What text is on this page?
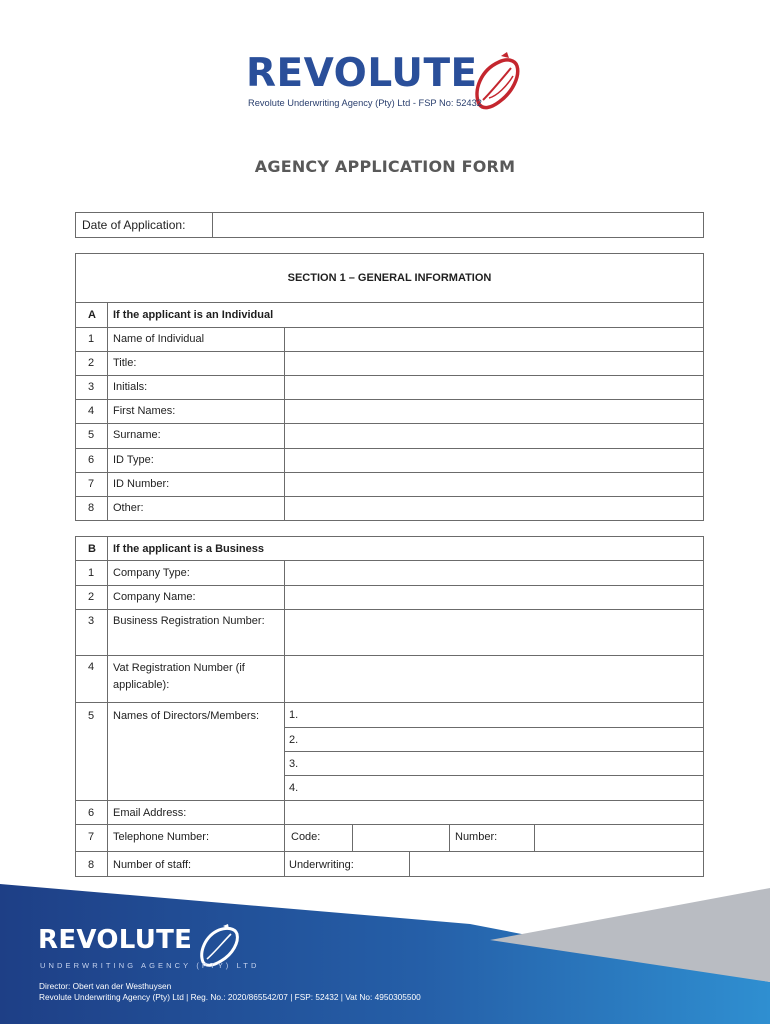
REVOLUTE
Revolute Underwriting Agency (Pty) Ltd - FSP No: 52432
AGENCY APPLICATION FORM
Date of Application:
SECTION 1 – GENERAL INFORMATION
A If the applicant is an Individual
1 Name of Individual
2 Title:
3 Initials:
4 First Names:
5 Surname:
6 ID Type:
7 ID Number:
8 Other:
B If the applicant is a Business
1 Company Type:
2 Company Name:
3 Business Registration Number:
4 Vat Registration Number (if applicable):
5 Names of Directors/Members:	1.
2.
3.
4.
6 Email Address:
7 Telephone Number:	Code:	Number:
8 Number of staff:	Underwriting:
REVOLUTE
UNDERWRITING AGENCY (PTY) LTD
Director: Obert van der Westhuysen
Revolute Underwriting Agency (Pty) Ltd | Reg. No.: 2020/865542/07 | FSP: 52432 | Vat No: 4950305500
